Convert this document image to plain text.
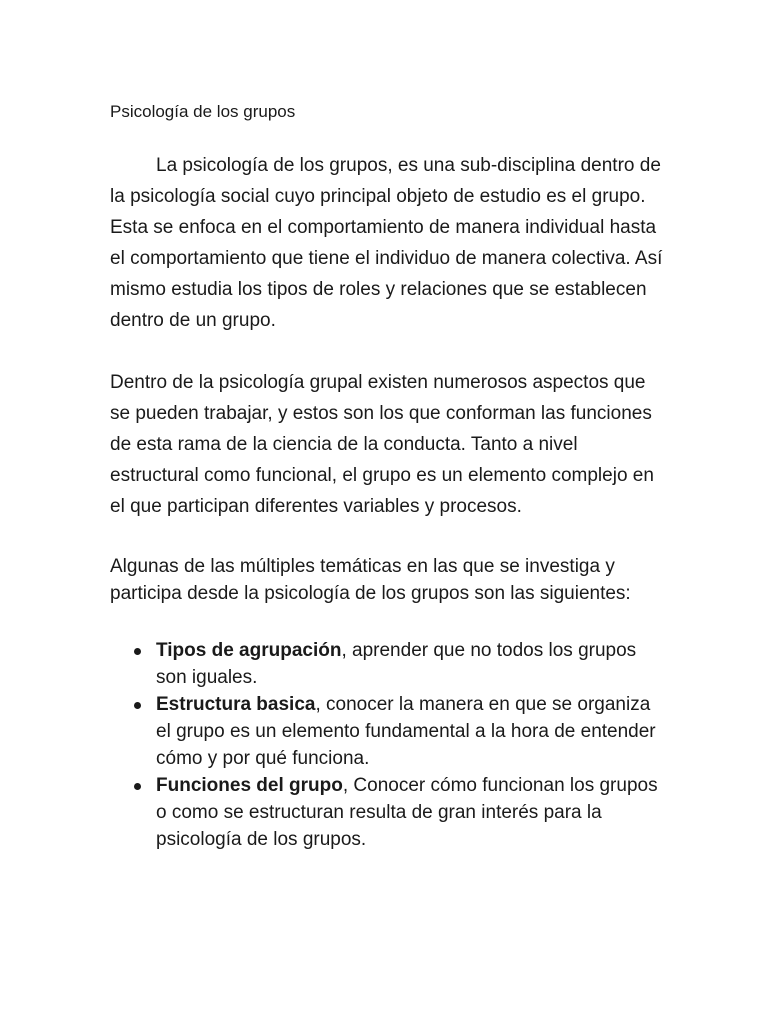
Psicología de los grupos

La psicología de los grupos, es una sub-disciplina dentro de la psicología social cuyo principal objeto de estudio es el grupo. Esta se enfoca en el comportamiento de manera individual hasta el comportamiento que tiene el individuo de manera colectiva. Así mismo estudia los tipos de roles y relaciones que se establecen dentro de un grupo.

Dentro de la psicología grupal existen numerosos aspectos que se pueden trabajar, y estos son los que conforman las funciones de esta rama de la ciencia de la conducta. Tanto a nivel estructural como funcional, el grupo es un elemento complejo en el que participan diferentes variables y procesos.

Algunas de las múltiples temáticas en las que se investiga y participa desde la psicología de los grupos son las siguientes:

Tipos de agrupación, aprender que no todos los grupos son iguales.
Estructura basica, conocer la manera en que se organiza el grupo es un elemento fundamental a la hora de entender cómo y por qué funciona.
Funciones del grupo, Conocer cómo funcionan los grupos o como se estructuran resulta de gran interés para la psicología de los grupos.
